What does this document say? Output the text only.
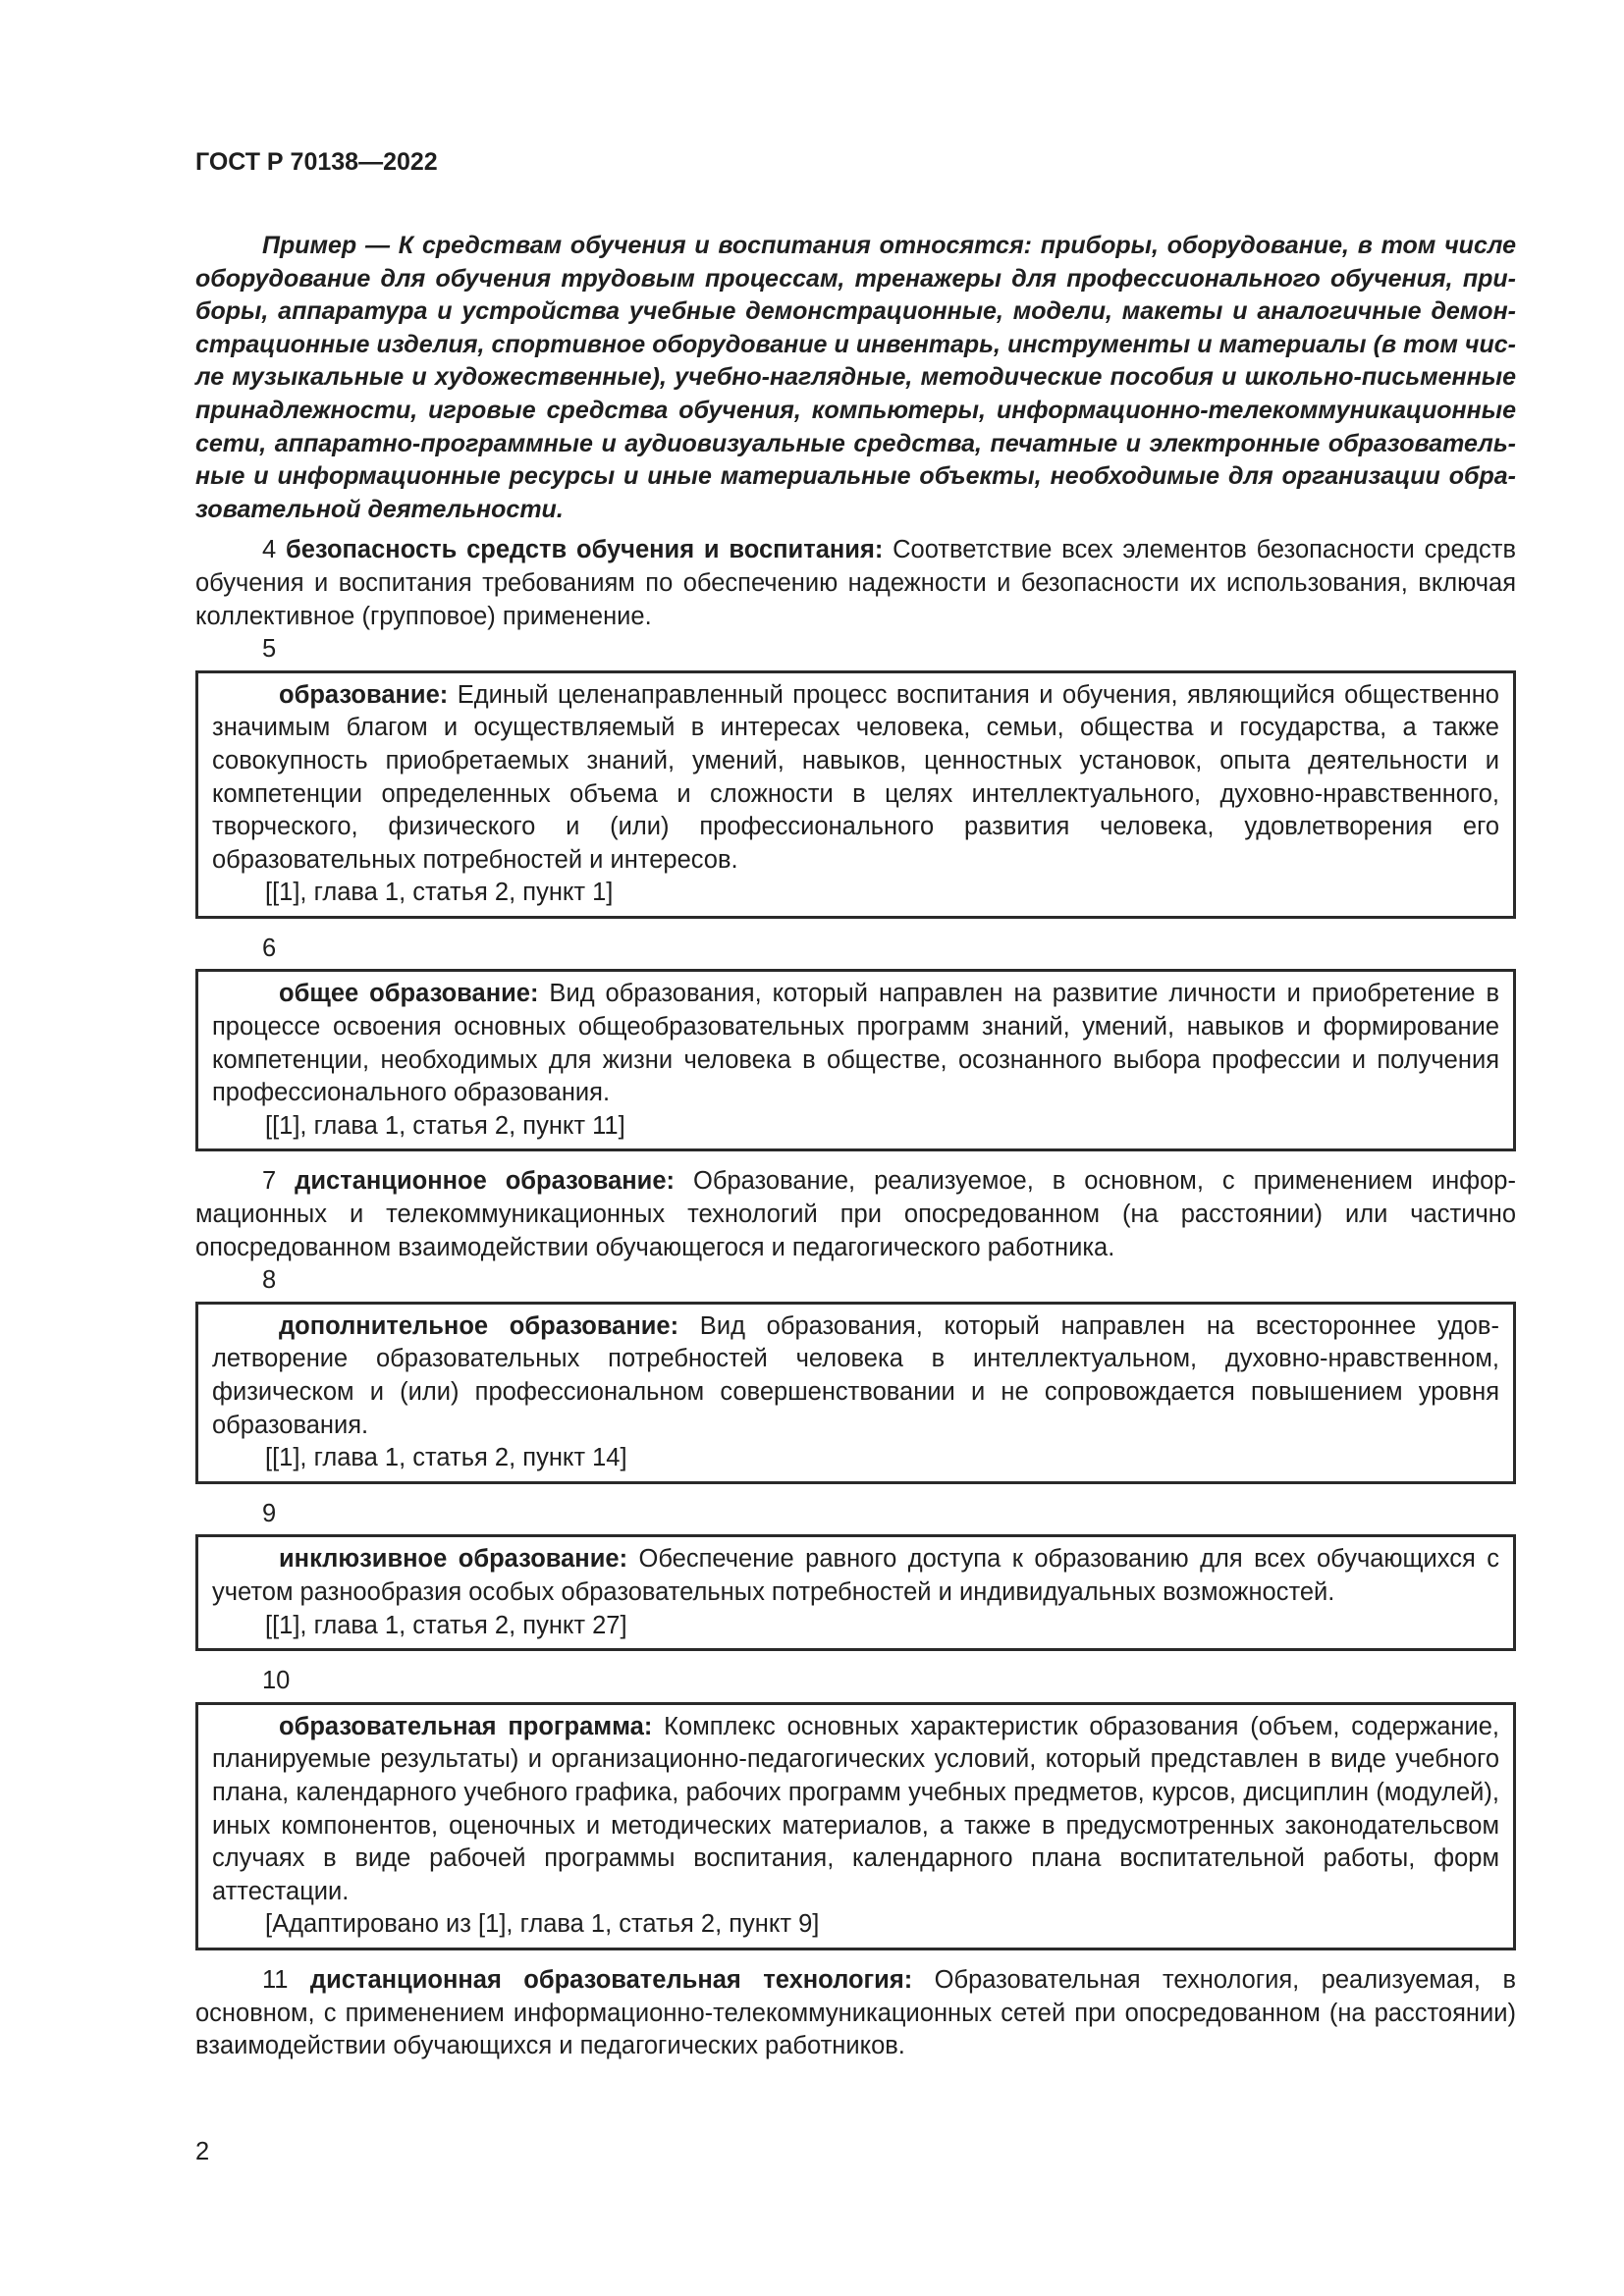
ГОСТ Р 70138—2022

Пример — К средствам обучения и воспитания относятся: приборы, оборудование, в том числе оборудование для обучения трудовым процессам, тренажеры для профессионального обучения, приборы, аппаратура и устройства учебные демонстрационные, модели, макеты и аналогичные демонстрационные изделия, спортивное оборудование и инвентарь, инструменты и материалы (в том числе музыкальные и художественные), учебно-наглядные, методические пособия и школьно-письменные принадлежности, игровые средства обучения, компьютеры, информационно-телекоммуникационные сети, аппаратно-программные и аудиовизуальные средства, печатные и электронные образовательные и информационные ресурсы и иные материальные объекты, необходимые для организации образовательной деятельности.

4 безопасность средств обучения и воспитания: Соответствие всех элементов безопасности средств обучения и воспитания требованиям по обеспечению надежности и безопасности их использования, включая коллективное (групповое) применение.

5

образование: Единый целенаправленный процесс воспитания и обучения, являющийся общественно значимым благом и осуществляемый в интересах человека, семьи, общества и государства, а также совокупность приобретаемых знаний, умений, навыков, ценностных установок, опыта деятельности и компетенции определенных объема и сложности в целях интеллектуального, духовно-нравственного, творческого, физического и (или) профессионального развития человека, удовлетворения его образовательных потребностей и интересов.

[[1], глава 1, статья 2, пункт 1]

6

общее образование: Вид образования, который направлен на развитие личности и приобретение в процессе освоения основных общеобразовательных программ знаний, умений, навыков и формирование компетенции, необходимых для жизни человека в обществе, осознанного выбора профессии и получения профессионального образования.

[[1], глава 1, статья 2, пункт 11]

7 дистанционное образование: Образование, реализуемое, в основном, с применением информационных и телекоммуникационных технологий при опосредованном (на расстоянии) или частично опосредованном взаимодействии обучающегося и педагогического работника.

8

дополнительное образование: Вид образования, который направлен на всестороннее удовлетворение образовательных потребностей человека в интеллектуальном, духовно-нравственном, физическом и (или) профессиональном совершенствовании и не сопровождается повышением уровня образования.

[[1], глава 1, статья 2, пункт 14]

9

инклюзивное образование: Обеспечение равного доступа к образованию для всех обучающихся с учетом разнообразия особых образовательных потребностей и индивидуальных возможностей.

[[1], глава 1, статья 2, пункт 27]

10

образовательная программа: Комплекс основных характеристик образования (объем, содержание, планируемые результаты) и организационно-педагогических условий, который представлен в виде учебного плана, календарного учебного графика, рабочих программ учебных предметов, курсов, дисциплин (модулей), иных компонентов, оценочных и методических материалов, а также в предусмотренных законодательсвом случаях в виде рабочей программы воспитания, календарного плана воспитательной работы, форм аттестации.

[Адаптировано из [1], глава 1, статья 2, пункт 9]

11 дистанционная образовательная технология: Образовательная технология, реализуемая, в основном, с применением информационно-телекоммуникационных сетей при опосредованном (на расстоянии) взаимодействии обучающихся и педагогических работников.

2
